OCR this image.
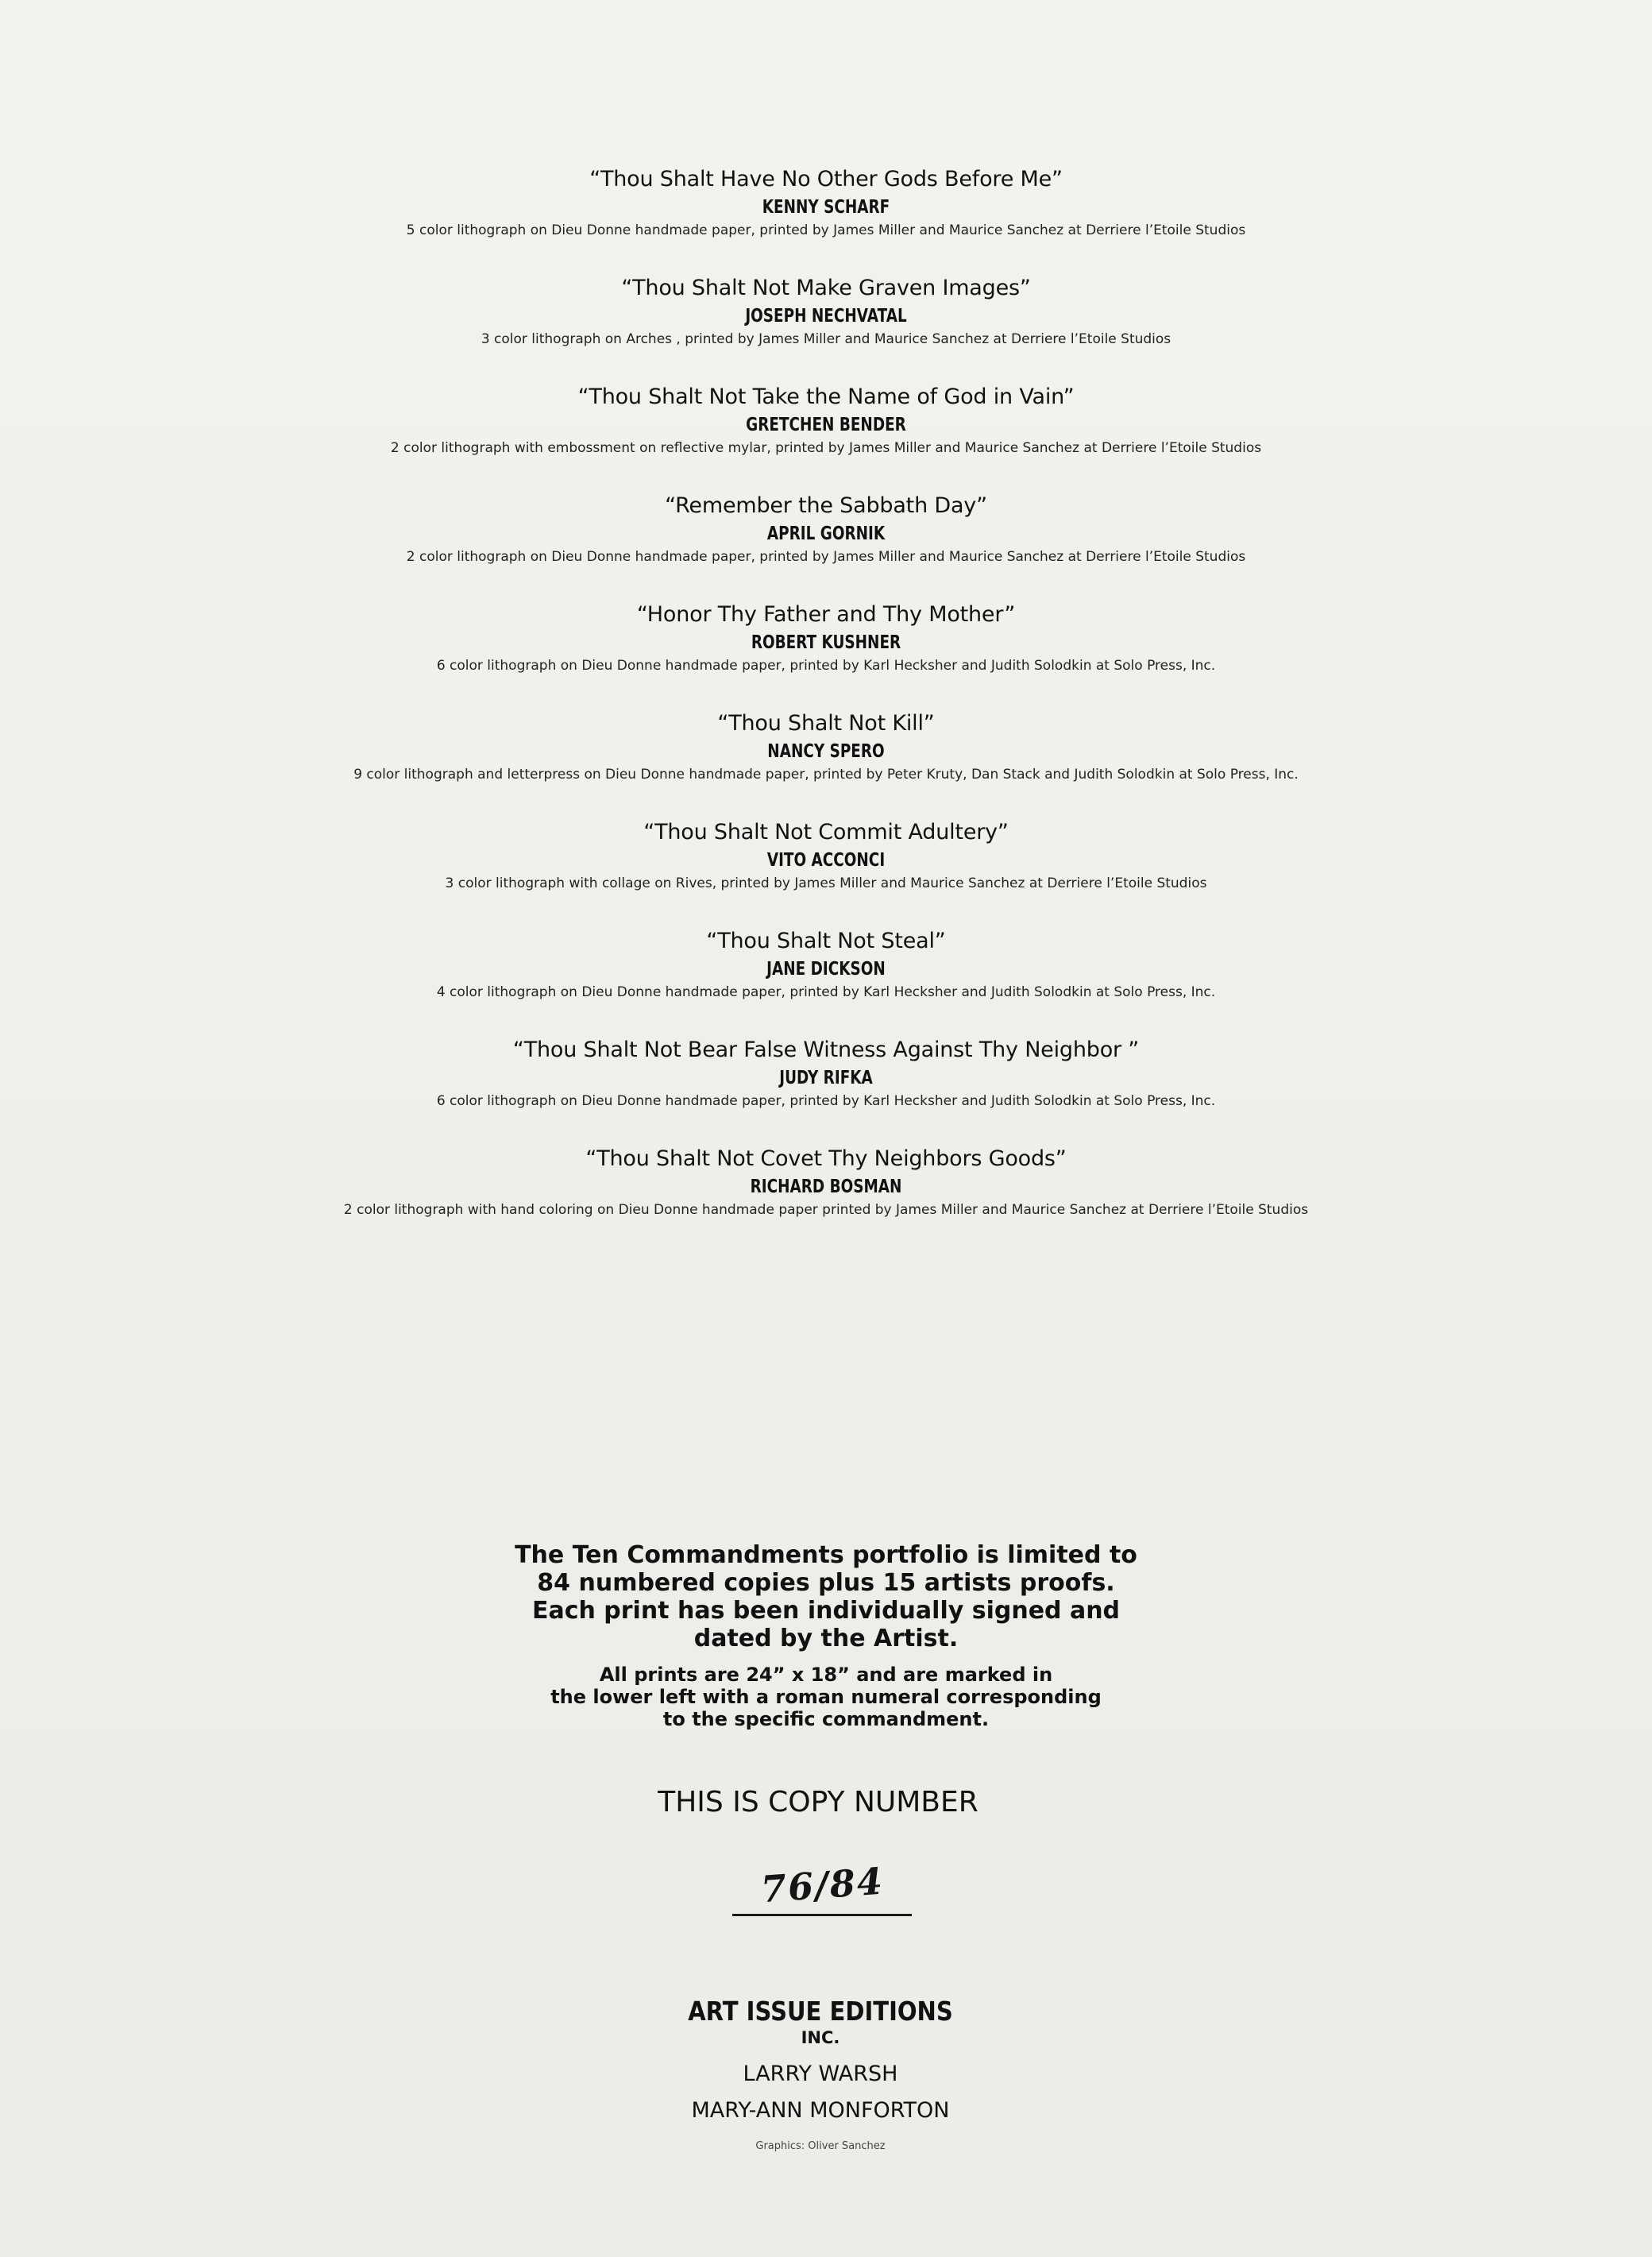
“Thou Shalt Have No Other Gods Before Me”
KENNY SCHARF
5 color lithograph on Dieu Donne handmade paper, printed by James Miller and Maurice Sanchez at Derriere l’Etoile Studios
“Thou Shalt Not Make Graven Images”
JOSEPH NECHVATAL
3 color lithograph on Arches , printed by James Miller and Maurice Sanchez at Derriere l’Etoile Studios
“Thou Shalt Not Take the Name of God in Vain”
GRETCHEN BENDER
2 color lithograph with embossment on reflective mylar, printed by James Miller and Maurice Sanchez at Derriere l’Etoile Studios
“Remember the Sabbath Day”
APRIL GORNIK
2 color lithograph on Dieu Donne handmade paper, printed by James Miller and Maurice Sanchez at Derriere l’Etoile Studios
“Honor Thy Father and Thy Mother”
ROBERT KUSHNER
6 color lithograph on Dieu Donne handmade paper, printed by Karl Hecksher and Judith Solodkin at Solo Press, Inc.
“Thou Shalt Not Kill”
NANCY SPERO
9 color lithograph and letterpress on Dieu Donne handmade paper, printed by Peter Kruty, Dan Stack and Judith Solodkin at Solo Press, Inc.
“Thou Shalt Not Commit Adultery”
VITO ACCONCI
3 color lithograph with collage on Rives, printed by James Miller and Maurice Sanchez at Derriere l’Etoile Studios
“Thou Shalt Not Steal”
JANE DICKSON
4 color lithograph on Dieu Donne handmade paper, printed by Karl Hecksher and Judith Solodkin at Solo Press, Inc.
“Thou Shalt Not Bear False Witness Against Thy Neighbor ”
JUDY RIFKA
6 color lithograph on Dieu Donne handmade paper, printed by Karl Hecksher and Judith Solodkin at Solo Press, Inc.
“Thou Shalt Not Covet Thy Neighbors Goods”
RICHARD BOSMAN
2 color lithograph with hand coloring on Dieu Donne handmade paper printed by James Miller and Maurice Sanchez at Derriere l’Etoile Studios

The Ten Commandments portfolio is limited to

84 numbered copies plus 15 artists proofs.

Each print has been individually signed and

dated by the Artist.

All prints are 24” x 18” and are marked in

the lower left with a roman numeral corresponding

to the specific commandment.

THIS IS COPY NUMBER
76/84
ART ISSUE EDITIONS
INC.
LARRY WARSH
MARY-ANN MONFORTON
Graphics: Oliver Sanchez
